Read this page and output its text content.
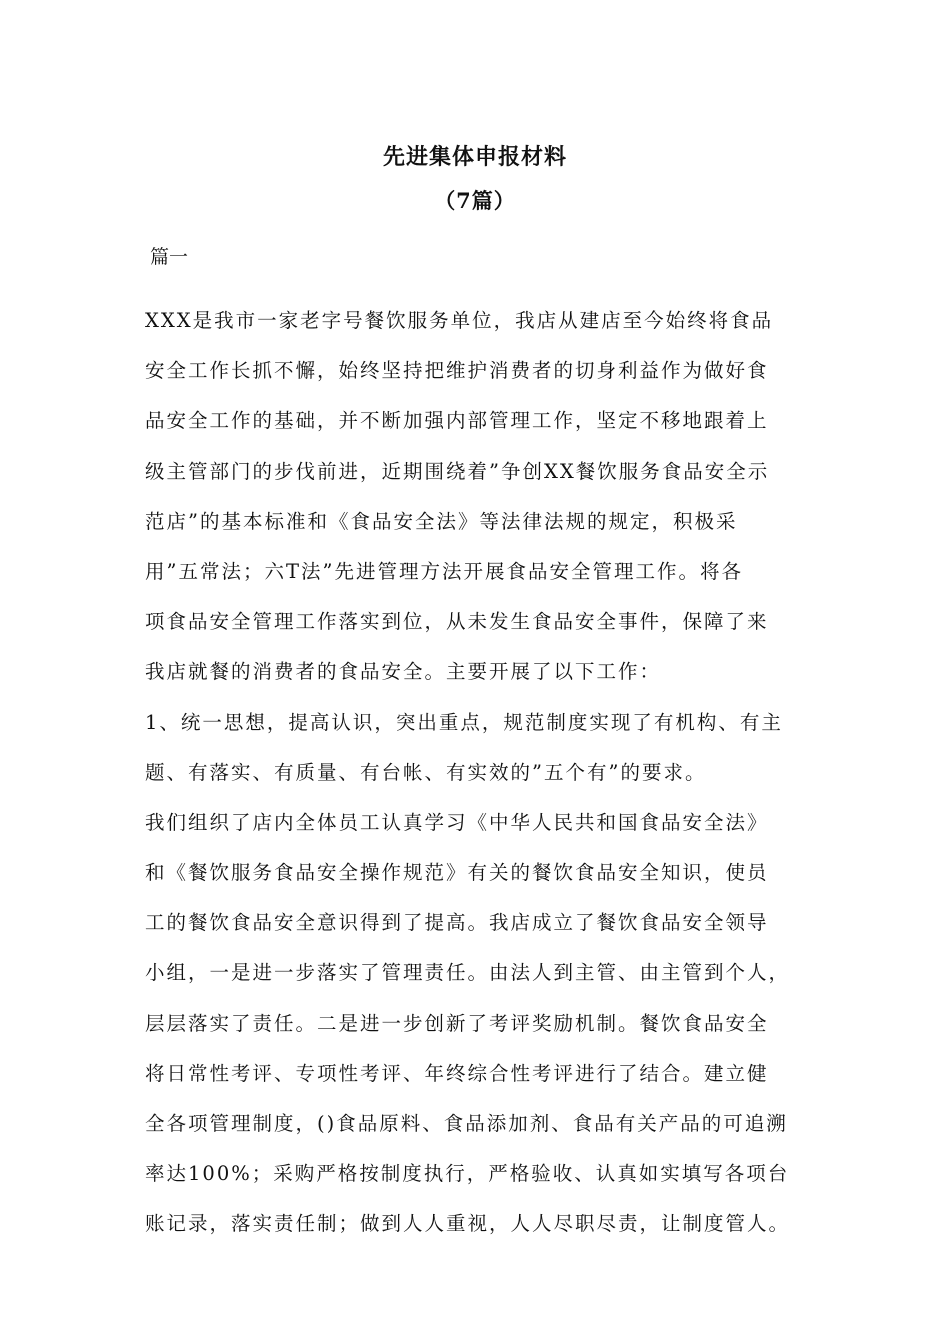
先进集体申报材料
（7篇）
篇一
XXX是我市一家老字号餐饮服务单位，我店从建店至今始终将食品
安全工作长抓不懈，始终坚持把维护消费者的切身利益作为做好食
品安全工作的基础，并不断加强内部管理工作，坚定不移地跟着上
级主管部门的步伐前进，近期围绕着”争创XX餐饮服务食品安全示
范店”的基本标准和《食品安全法》等法律法规的规定，积极采
用”五常法；六T法”先进管理方法开展食品安全管理工作。将各
项食品安全管理工作落实到位，从未发生食品安全事件，保障了来
我店就餐的消费者的食品安全。主要开展了以下工作：
1、统一思想，提高认识，突出重点，规范制度实现了有机构、有主
题、有落实、有质量、有台帐、有实效的”五个有”的要求。
我们组织了店内全体员工认真学习《中华人民共和国食品安全法》
和《餐饮服务食品安全操作规范》有关的餐饮食品安全知识，使员
工的餐饮食品安全意识得到了提高。我店成立了餐饮食品安全领导
小组，一是进一步落实了管理责任。由法人到主管、由主管到个人，
层层落实了责任。二是进一步创新了考评奖励机制。餐饮食品安全
将日常性考评、专项性考评、年终综合性考评进行了结合。建立健
全各项管理制度，()食品原料、食品添加剂、食品有关产品的可追溯
率达100%；采购严格按制度执行，严格验收、认真如实填写各项台
账记录，落实责任制；做到人人重视，人人尽职尽责，让制度管人。
